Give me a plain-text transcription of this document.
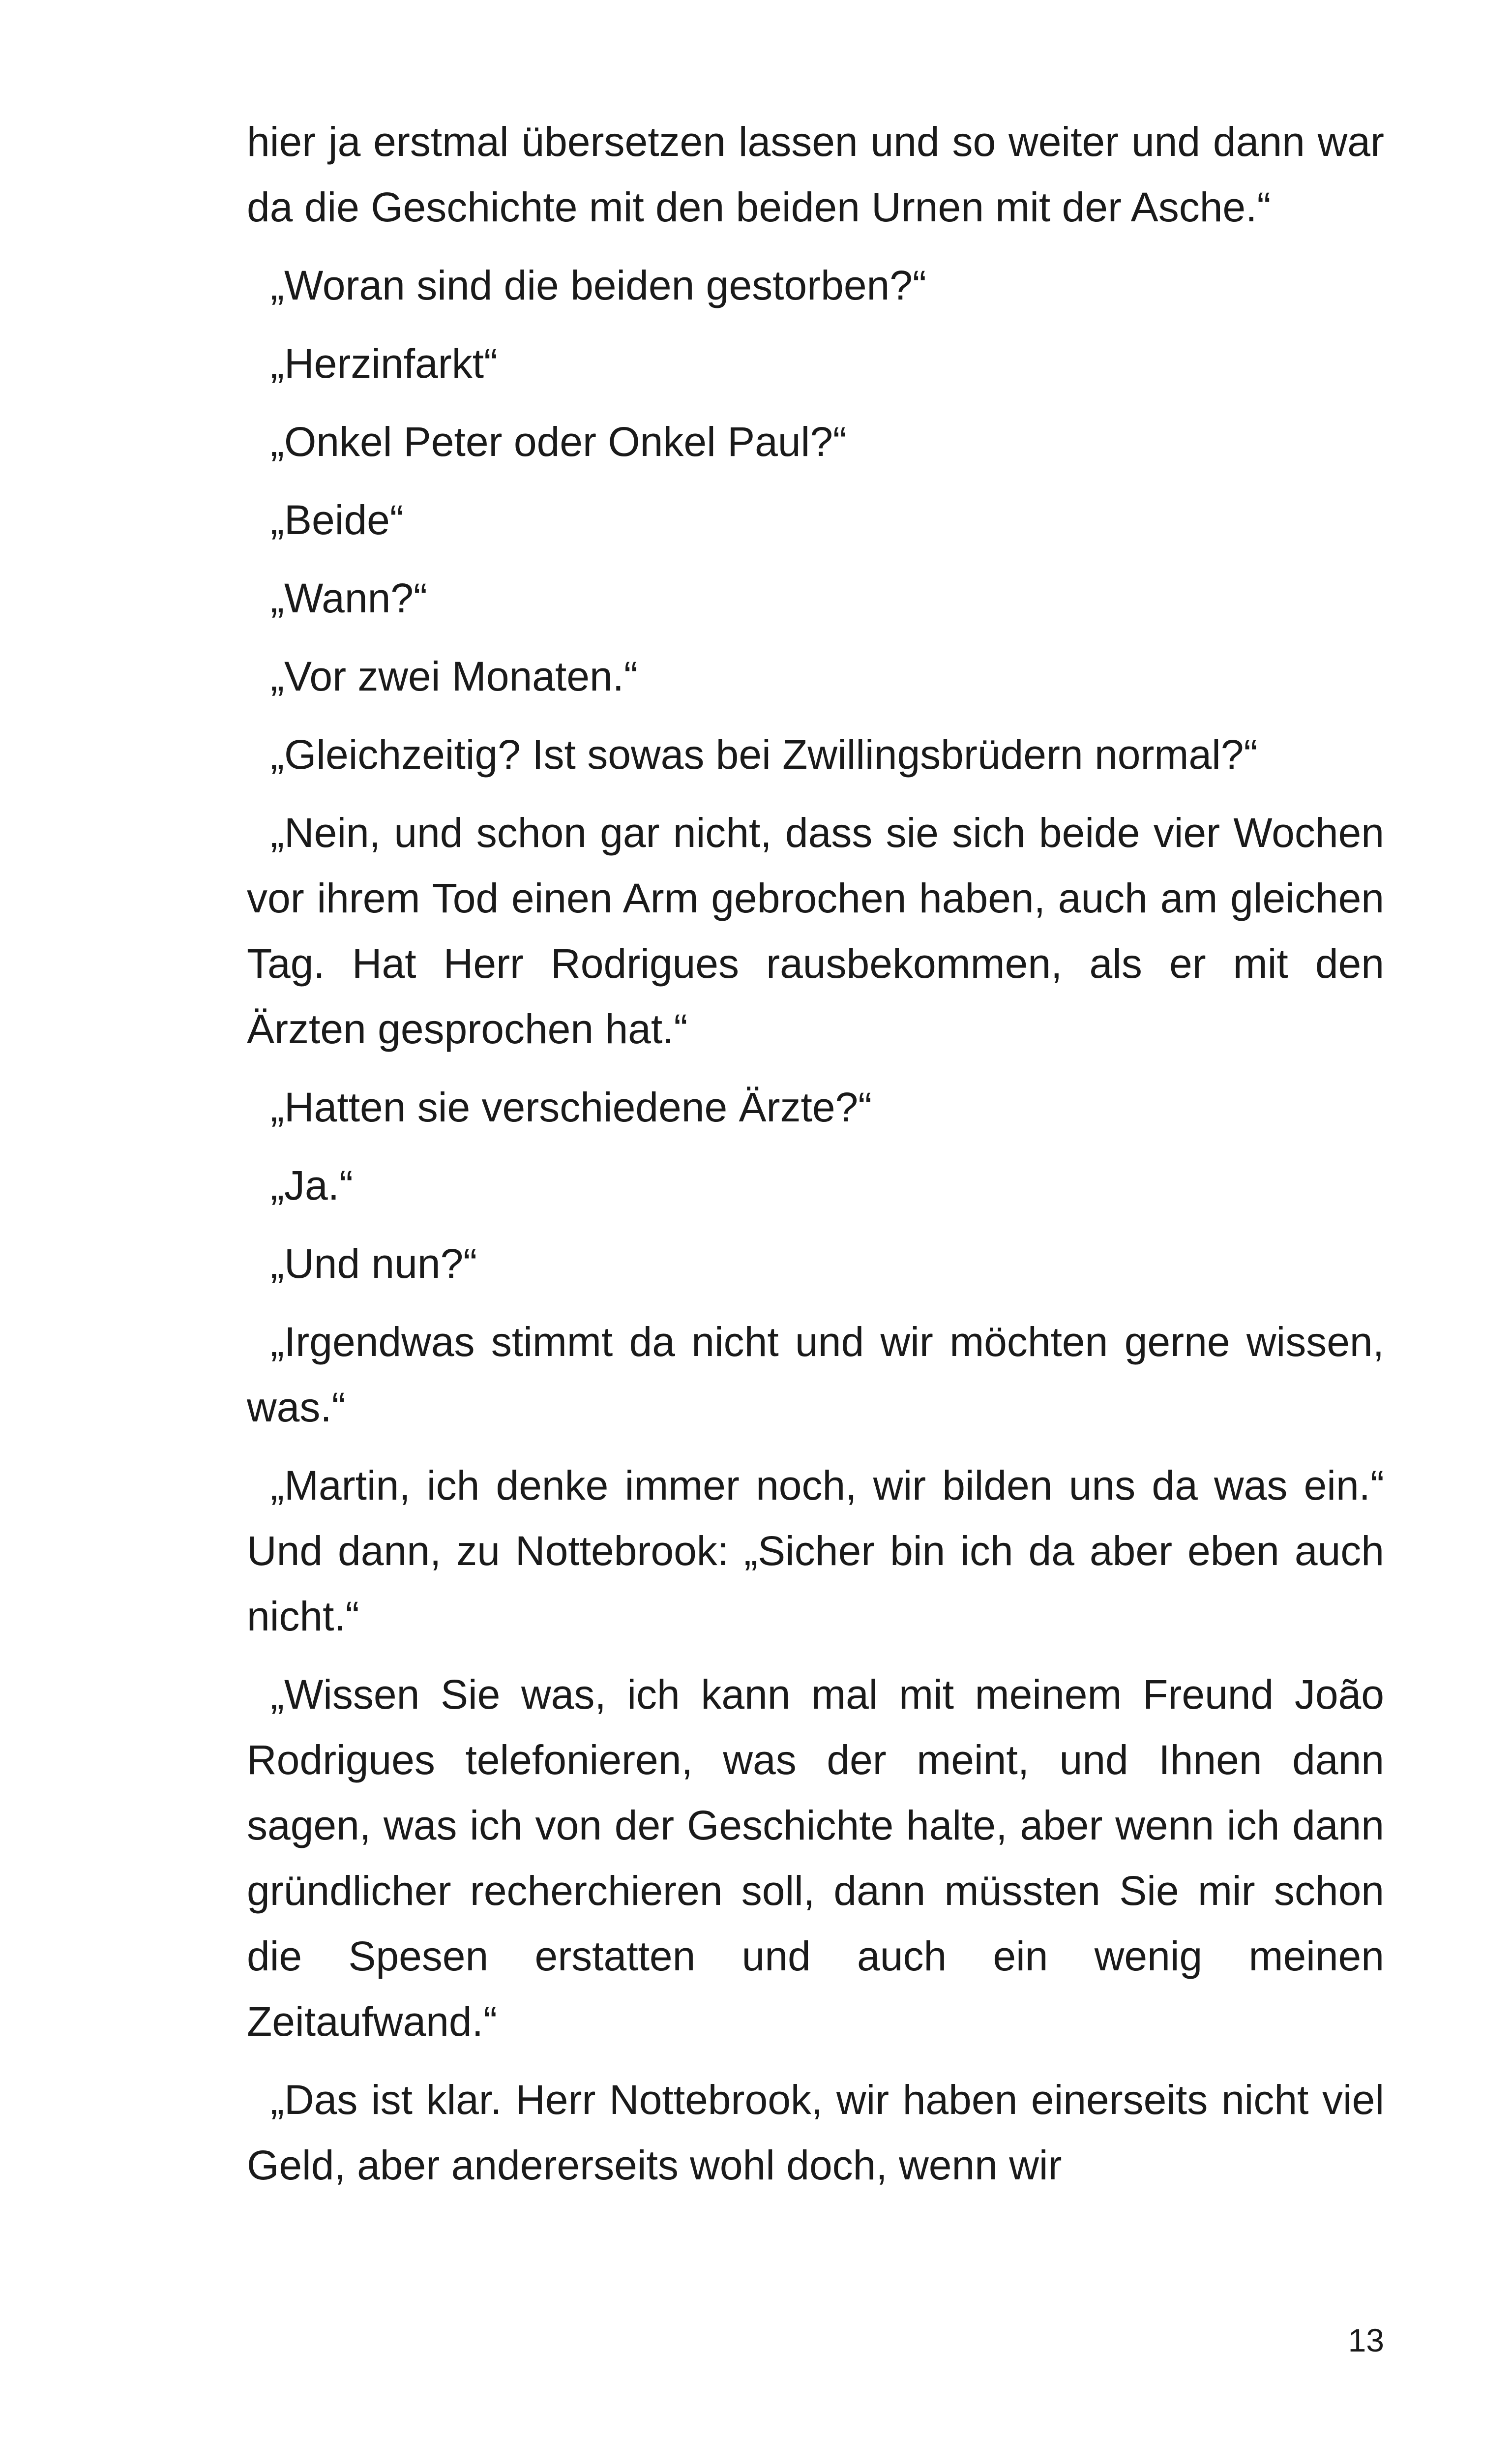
hier ja erstmal übersetzen lassen und so weiter und dann war da die Geschichte mit den beiden Urnen mit der Asche.“

„Woran sind die beiden gestorben?“

„Herzinfarkt“

„Onkel Peter oder Onkel Paul?“

„Beide“

„Wann?“

„Vor zwei Monaten.“

„Gleichzeitig? Ist sowas bei Zwillingsbrüdern normal?“

„Nein, und schon gar nicht, dass sie sich beide vier Wochen vor ihrem Tod einen Arm gebrochen haben, auch am gleichen Tag. Hat Herr Rodrigues rausbekommen, als er mit den Ärzten gesprochen hat.“

„Hatten sie verschiedene Ärzte?“

„Ja.“

„Und nun?“

„Irgendwas stimmt da nicht und wir möchten gerne wissen, was.“

„Martin, ich denke immer noch, wir bilden uns da was ein.“ Und dann, zu Nottebrook: „Sicher bin ich da aber eben auch nicht.“

„Wissen Sie was, ich kann mal mit meinem Freund João Rodrigues telefonieren, was der meint, und Ihnen dann sagen, was ich von der Geschichte halte, aber wenn ich dann gründlicher recherchieren soll, dann müssten Sie mir schon die Spesen erstatten und auch ein wenig meinen Zeitaufwand.“

„Das ist klar. Herr Nottebrook, wir haben einerseits nicht viel Geld, aber andererseits wohl doch, wenn wir

13
